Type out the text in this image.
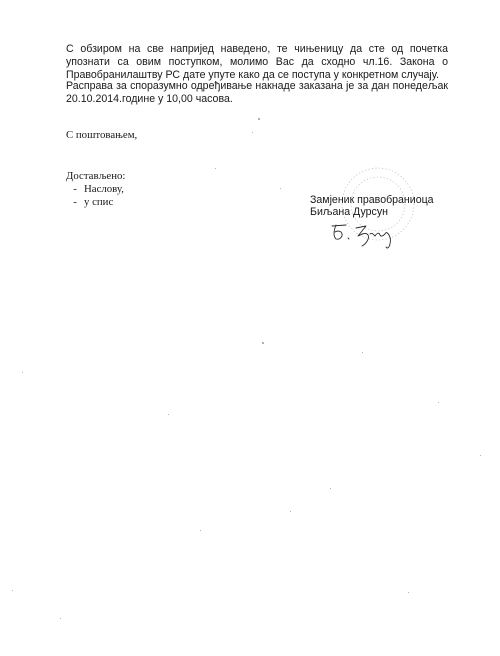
С обзиром на све напријед наведено, те чињеницу да сте од почетка
упознати са овим поступком, молимо Вас да сходно чл.16. Закона о
Правобранилаштву РС дате упуте како да се поступа у конкретном случају.

Расправа за споразумно одређивање накнаде заказана је за дан понедељак
20.10.2014.године у 10,00 часова.

С поштовањем,

Достављено:

- Наслову,
- у спис	Замјеник правобраниоца
Биљана Дурсун
